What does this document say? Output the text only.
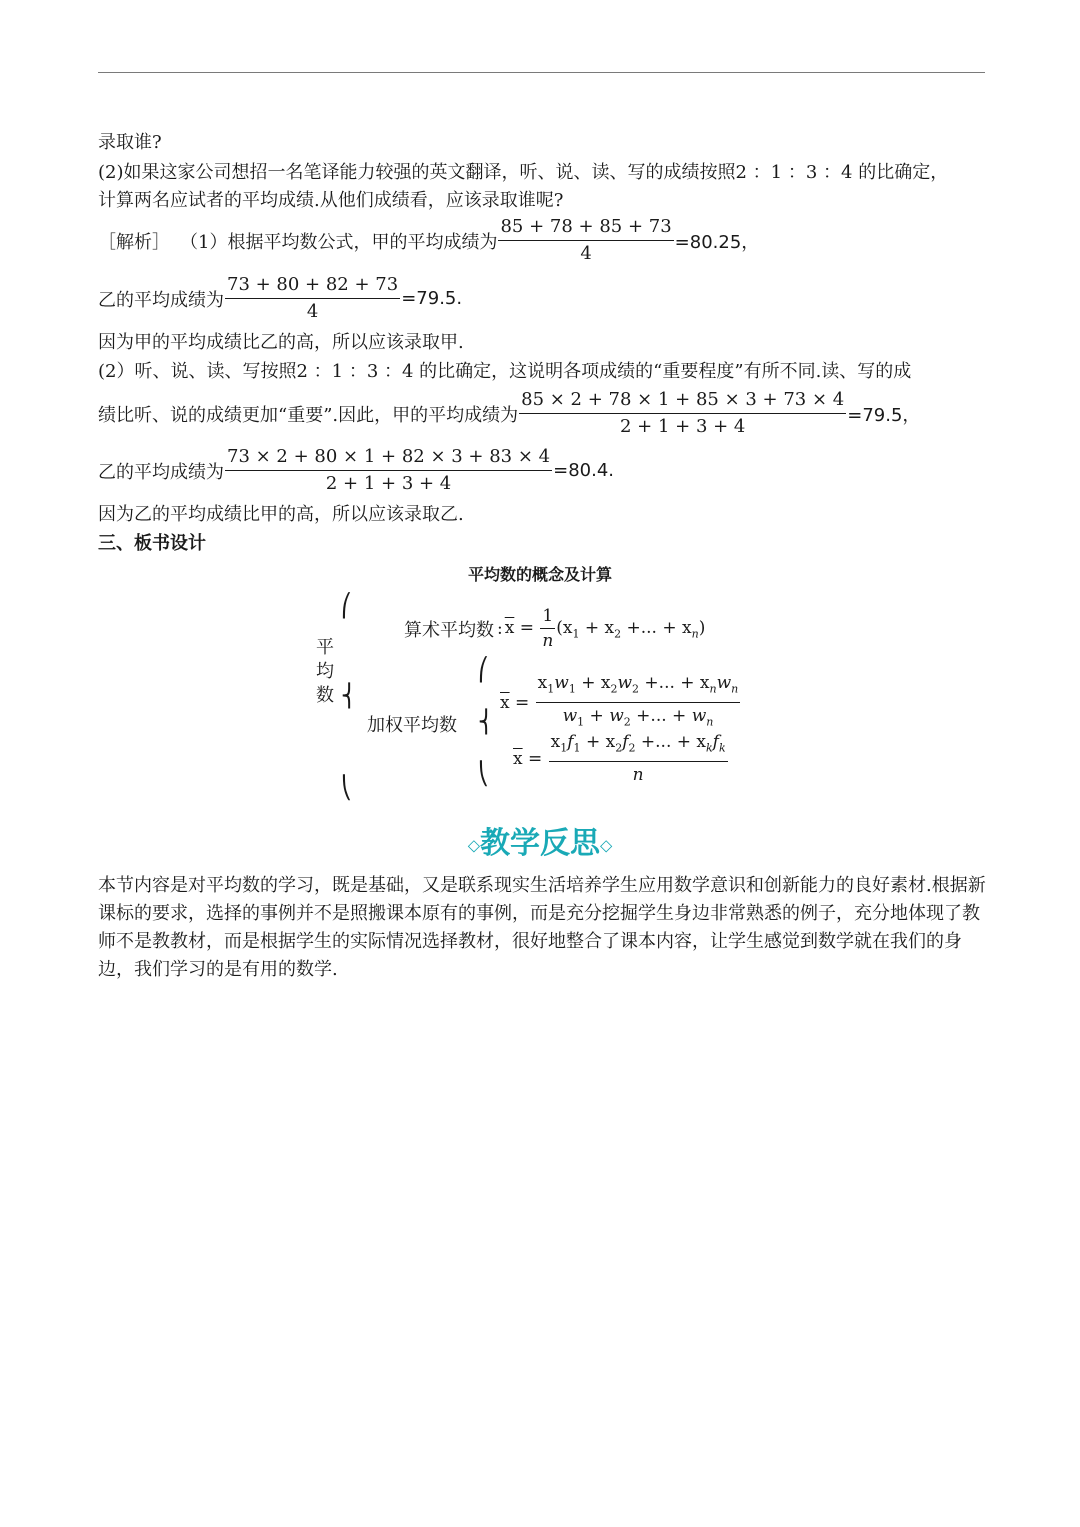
录取谁?
(2)如果这家公司想招一名笔译能力较强的英文翻译，听、说、读、写的成绩按照2 ：1 ：3 ：4 的比确定，
计算两名应试者的平均成绩.从他们成绩看，应该录取谁呢?
［解析］ （1）根据平均数公式，甲的平均成绩为 $\frac{85 + 78 + 85 + 73}{4} =80.25$，
乙的平均成绩为 $\frac{73 + 80 + 82 + 73}{4} =79.5$.
因为甲的平均成绩比乙的高，所以应该录取甲.
(2）听、说、读、写按照2 ：1 ：3 ：4 的比确定，这说明各项成绩的“重要程度”有所不同.读、写的成
绩比听、说的成绩更加“重要”.因此，甲的平均成绩为 $\frac{85 \times 2 + 78 \times 1 + 85 \times 3 + 73 \times 4}{2 + 1 + 3 + 4} =79.5$，
乙的平均成绩为 $\frac{73 \times 2 + 80 \times 1 + 82 \times 3 + 83 \times 4}{2 + 1 + 3 + 4} =80.4$.
因为乙的平均成绩比甲的高，所以应该录取乙.
三、板书设计
平均数的概念及计算
⎛
⎨
⎝
平
均
数
算术平均数 : $\overline{x} = \frac{1}{n} (x_1 + x_2$ +... + $x_n$)
⎛
⎨
⎝
加权平均数
$\overline{x} = \frac{x_1w_1 + x_2w_2 +... + x_nw_n}{w_1 + w_2 +... + w_n}$
$\overline{x} = \frac{x_1f_1 + x_2f_2 +... + x_kf_k}{n}$
◇教学反思◇
本节内容是对平均数的学习，既是基础，又是联系现实生活培养学生应用数学意识和创新能力的良好素材.根据新课标的要求，选择的事例并不是照搬课本原有的事例，而是充分挖掘学生身边非常熟悉的例子，充分地体现了教师不是教教材，而是根据学生的实际情况选择教材，很好地整合了课本内容，让学生感觉到数学就在我们的身边，我们学习的是有用的数学.
